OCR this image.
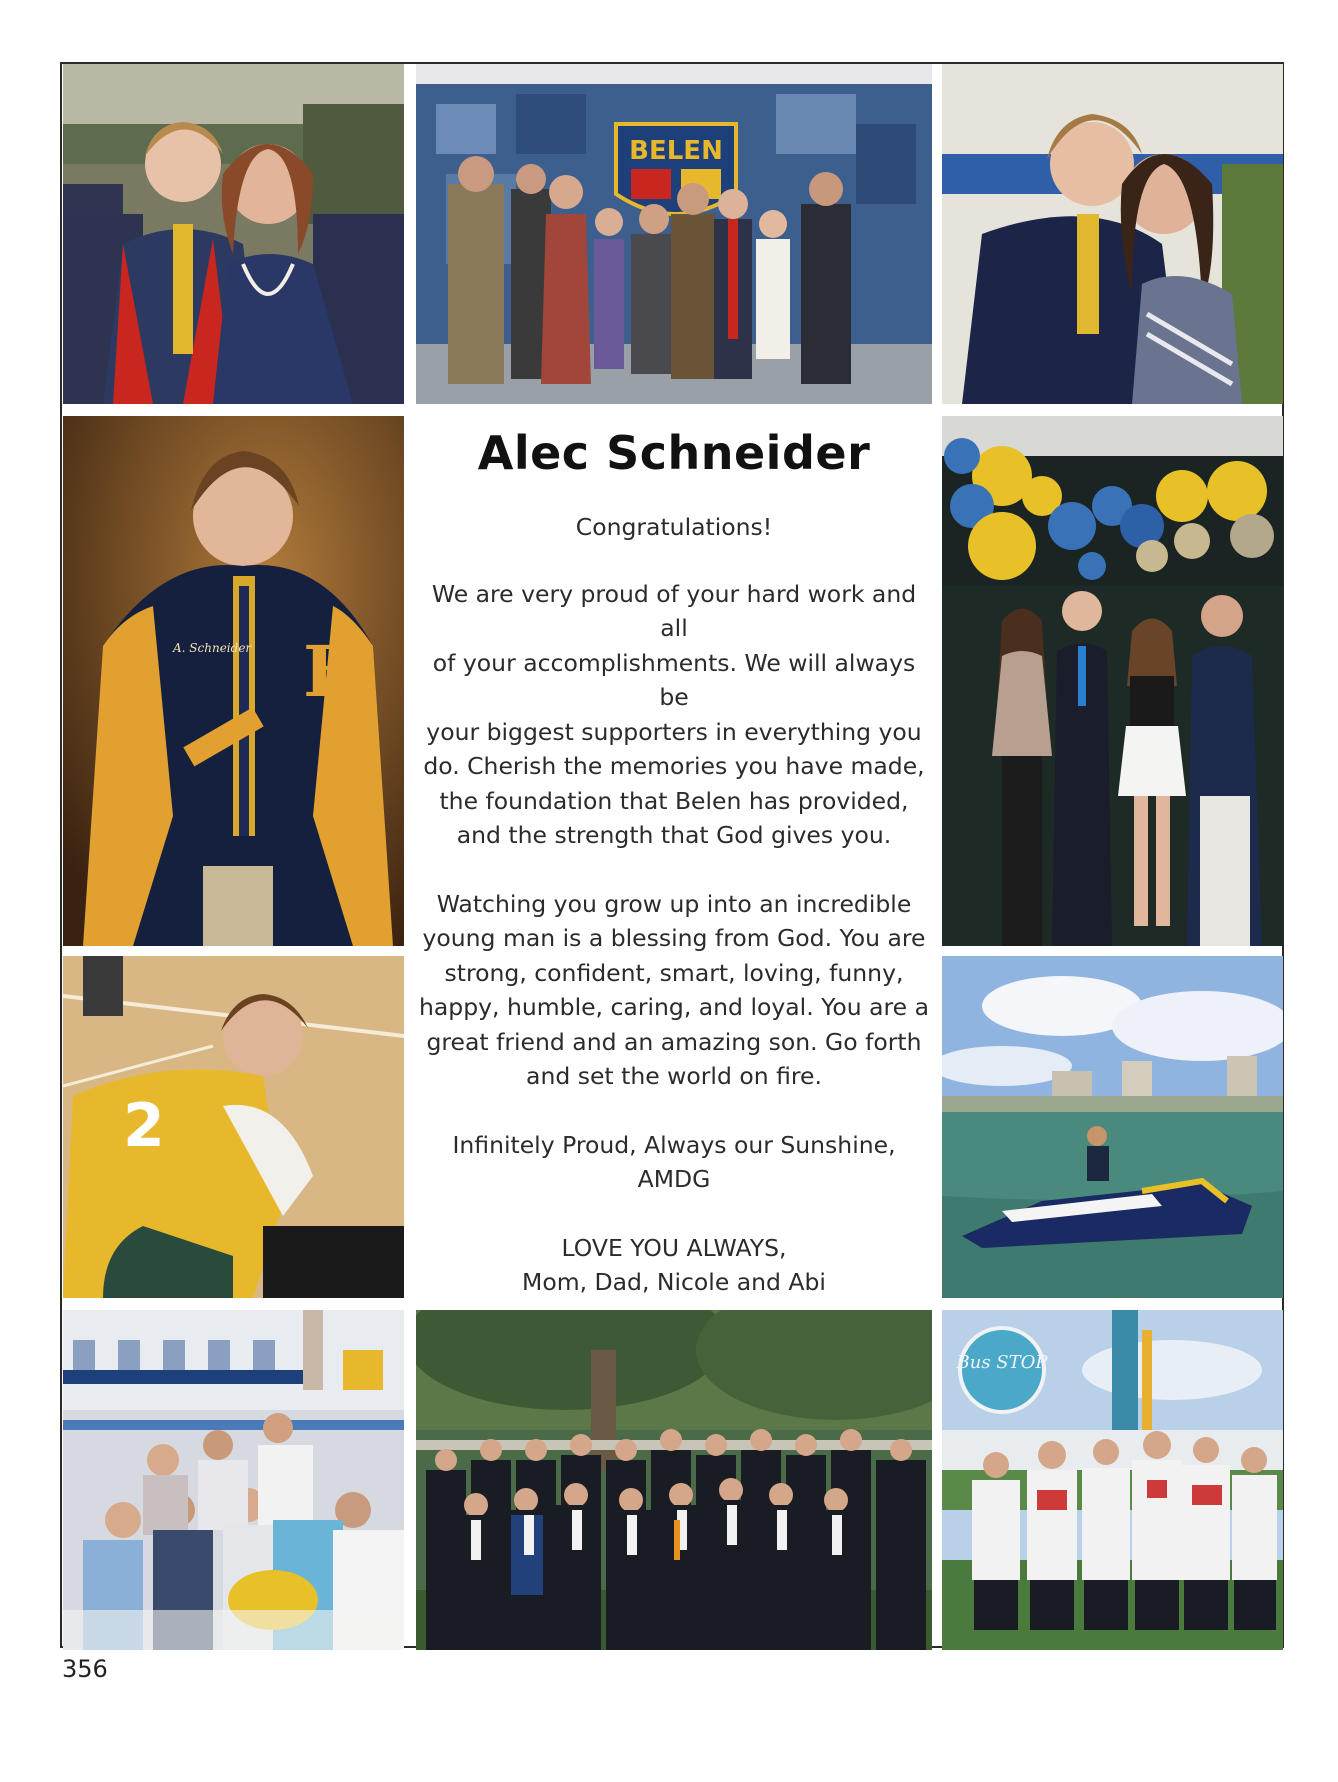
BELEN
A. Schneider B
2
Bus STOP
Alec Schneider

Congratulations!

We are very proud of your hard work and all

of your accomplishments. We will always be

your biggest supporters in everything you

do. Cherish the memories you have made,

the foundation that Belen has provided,

and the strength that God gives you.

Watching you grow up into an incredible

young man is a blessing from God. You are

strong, confident, smart, loving, funny,

happy, humble, caring, and loyal. You are a

great friend and an amazing son. Go forth

and set the world on fire.

Infinitely Proud, Always our Sunshine,

AMDG

LOVE YOU ALWAYS,

Mom, Dad, Nicole and Abi

356
